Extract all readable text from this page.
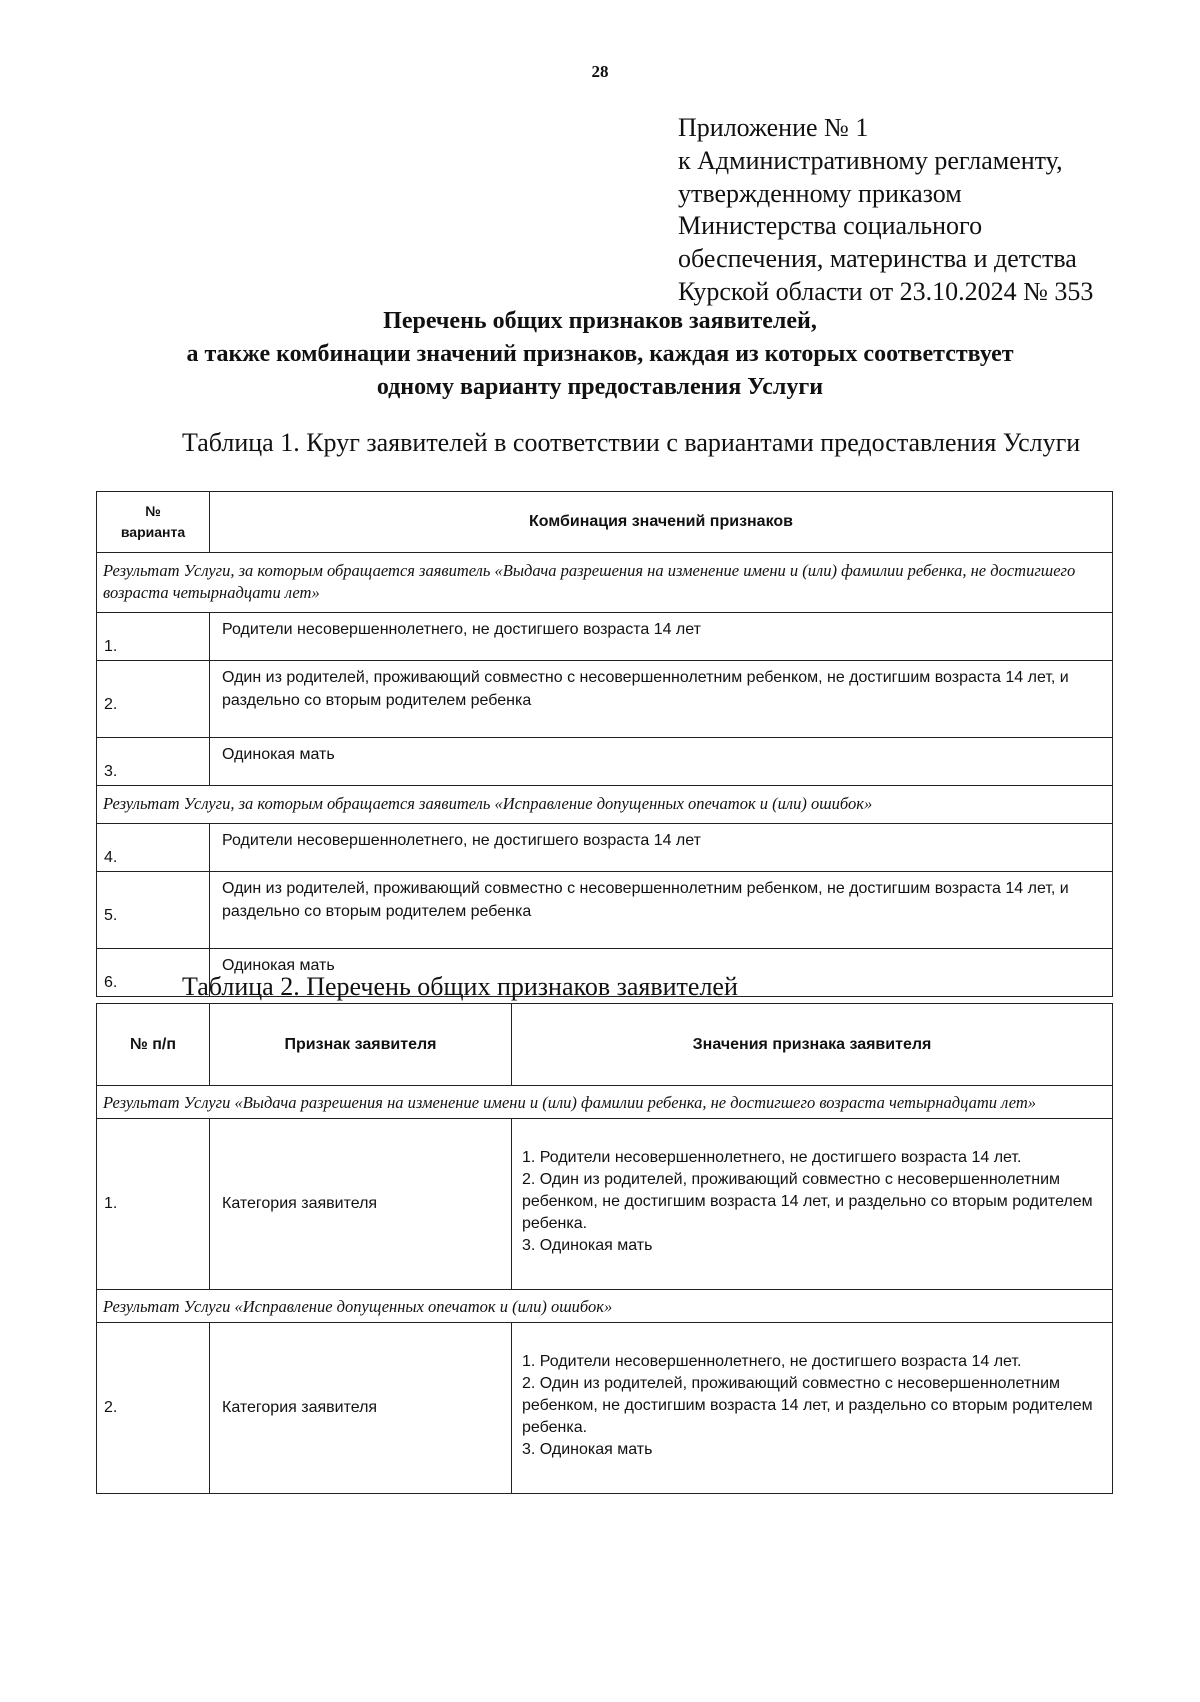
28
Приложение № 1
к Административному регламенту,
утвержденному приказом
Министерства социального
обеспечения, материнства и детства
Курской области от 23.10.2024 № 353
Перечень общих признаков заявителей,
а также комбинации значений признаков, каждая из которых соответствует
одному варианту предоставления Услуги
Таблица 1. Круг заявителей в соответствии с вариантами предоставления Услуги
№
варианта	Комбинация значений признаков
Результат Услуги, за которым обращается заявитель «Выдача разрешения на изменение имени и (или) фамилии ребенка, не достигшего возраста четырнадцати лет»	
1.	Родители несовершеннолетнего, не достигшего возраста 14 лет
2.	Один из родителей, проживающий совместно с несовершеннолетним ребенком, не достигшим возраста 14 лет, и раздельно со вторым родителем ребенка
3.	Одинокая мать
Результат Услуги, за которым обращается заявитель «Исправление допущенных опечаток и (или) ошибок»	
4.	Родители несовершеннолетнего, не достигшего возраста 14 лет
5.	Один из родителей, проживающий совместно с несовершеннолетним ребенком, не достигшим возраста 14 лет, и раздельно со вторым родителем ребенка
6.	Одинокая мать
Таблица 2. Перечень общих признаков заявителей
№ п/п	Признак заявителя	Значения признака заявителя
Результат Услуги «Выдача разрешения на изменение имени и (или) фамилии ребенка, не достигшего возраста четырнадцати лет»		
1.	Категория заявителя	1. Родители несовершеннолетнего, не достигшего возраста 14 лет.
2. Один из родителей, проживающий совместно с несовершеннолетним ребенком, не достигшим возраста 14 лет, и раздельно со вторым родителем ребенка.
3. Одинокая мать

Результат Услуги «Исправление допущенных опечаток и (или) ошибок»		
2.	Категория заявителя	1. Родители несовершеннолетнего, не достигшего возраста 14 лет.
2. Один из родителей, проживающий совместно с несовершеннолетним ребенком, не достигшим возраста 14 лет, и раздельно со вторым родителем ребенка.
3. Одинокая мать
